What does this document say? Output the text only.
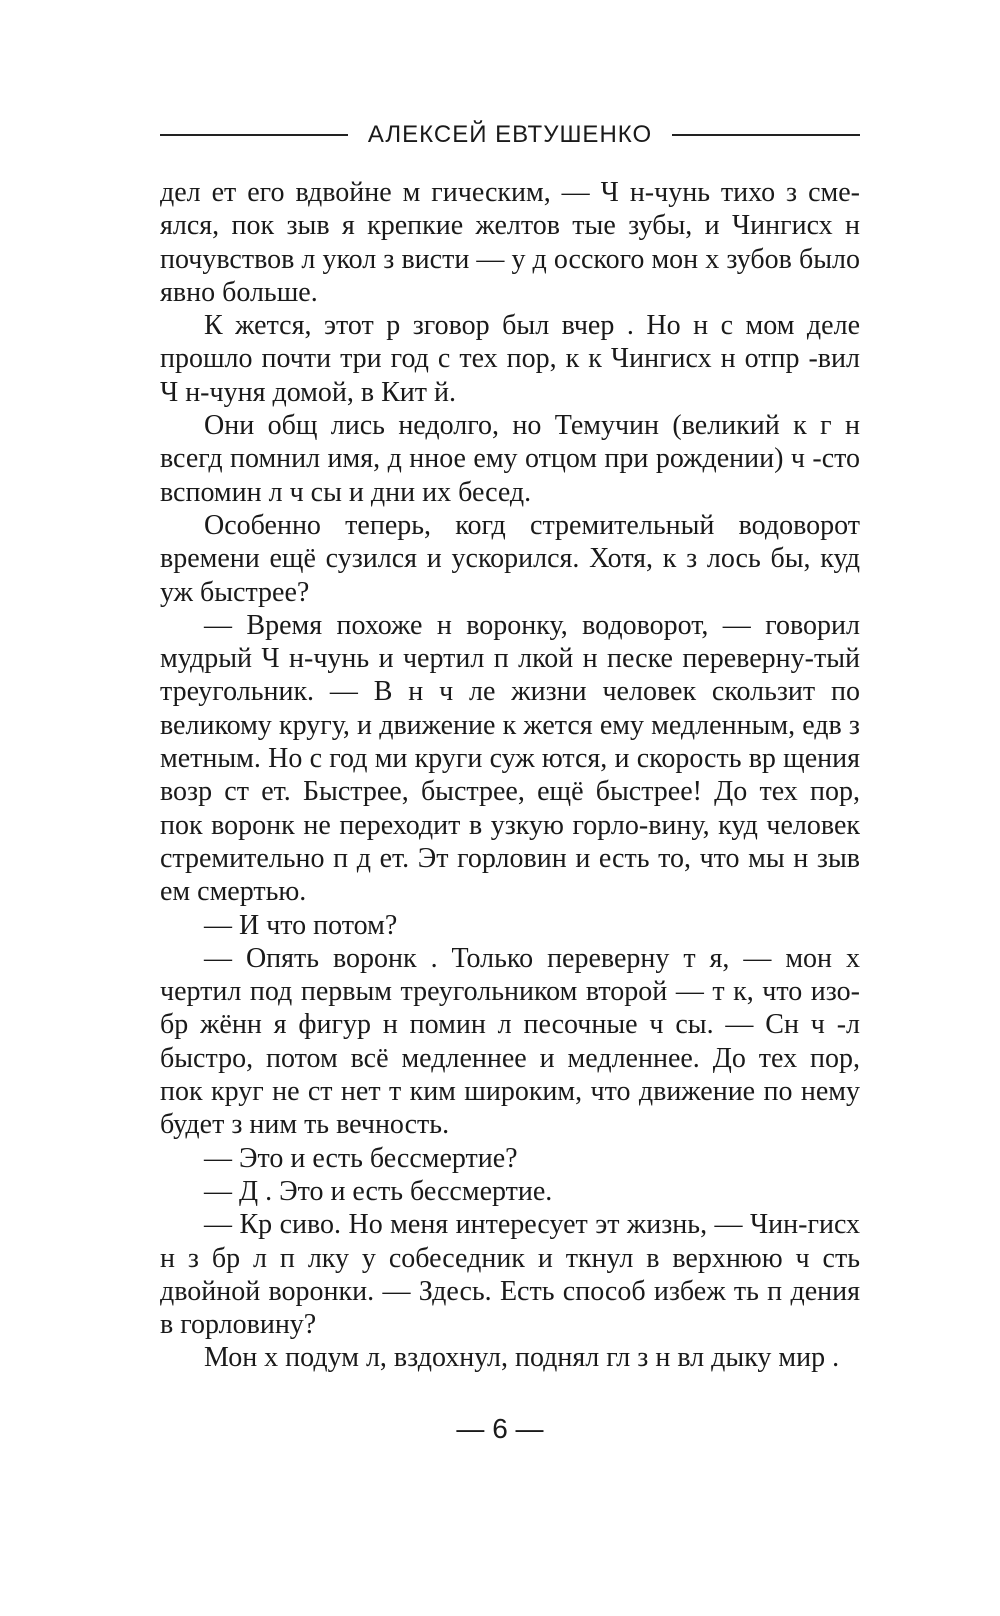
АЛЕКСЕЙ ЕВТУШЕНКО

дел ет его вдвойне м гическим, — Ч н-чунь тихо з сме-ялся, пок зыв я крепкие желтов тые зубы, и Чингисх н почувствов л укол з висти — у д осского мон х зубов было явно больше.

К жется, этот р зговор был вчер . Но н с мом деле прошло почти три год с тех пор, к к Чингисх н отпр -вил Ч н-чуня домой, в Кит й.

Они общ лись недолго, но Темучин (великий к г н всегд помнил имя, д нное ему отцом при рождении) ч -сто вспомин л ч сы и дни их бесед.

Особенно теперь, когд стремительный водоворот времени ещё сузился и ускорился. Хотя, к з лось бы, куд уж быстрее?

— Время похоже н воронку, водоворот, — говорил мудрый Ч н-чунь и чертил п лкой н песке переверну-тый треугольник. — В н ч ле жизни человек скользит по великому кругу, и движение к жется ему медленным, едв з метным. Но с год ми круги суж ются, и скорость вр щения возр ст ет. Быстрее, быстрее, ещё быстрее! До тех пор, пок воронк не переходит в узкую горло-вину, куд человек стремительно п д ет. Эт горловин и есть то, что мы н зыв ем смертью.

— И что потом?

— Опять воронк . Только переверну т я, — мон х чертил под первым треугольником второй — т к, что изо-бр жённ я фигур н помин л песочные ч сы. — Сн ч -л быстро, потом всё медленнее и медленнее. До тех пор, пок круг не ст нет т ким широким, что движение по нему будет з ним ть вечность.

— Это и есть бессмертие?

— Д . Это и есть бессмертие.

— Кр сиво. Но меня интересует эт жизнь, — Чин-гисх н з бр л п лку у собеседник и ткнул в верхнюю ч сть двойной воронки. — Здесь. Есть способ избеж ть п дения в горловину?

Мон х подум л, вздохнул, поднял гл з н вл дыку мир .

— 6 —
